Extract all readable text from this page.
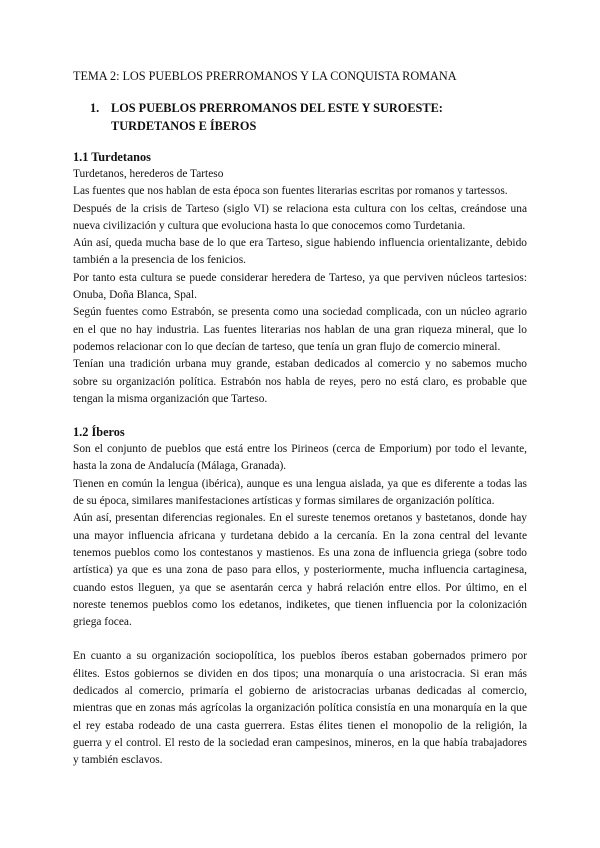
TEMA 2: LOS PUEBLOS PRERROMANOS Y LA CONQUISTA ROMANA
1. LOS PUEBLOS PRERROMANOS DEL ESTE Y SUROESTE: TURDETANOS E ÍBEROS
1.1 Turdetanos

Turdetanos, herederos de Tarteso

Las fuentes que nos hablan de esta época son fuentes literarias escritas por romanos y tartessos.

Después de la crisis de Tarteso (siglo VI) se relaciona esta cultura con los celtas, creándose una nueva civilización y cultura que evoluciona hasta lo que conocemos como Turdetania.

Aún así, queda mucha base de lo que era Tarteso, sigue habiendo influencia orientalizante, debido también a la presencia de los fenicios.

Por tanto esta cultura se puede considerar heredera de Tarteso, ya que perviven núcleos tartesios: Onuba, Doña Blanca, Spal.

Según fuentes como Estrabón, se presenta como una sociedad complicada, con un núcleo agrario en el que no hay industria. Las fuentes literarias nos hablan de una gran riqueza mineral, que lo podemos relacionar con lo que decían de tarteso, que tenía un gran flujo de comercio mineral.

Tenían una tradición urbana muy grande, estaban dedicados al comercio y no sabemos mucho sobre su organización política. Estrabón nos habla de reyes, pero no está claro, es probable que tengan la misma organización que Tarteso.

1.2 Íberos

Son el conjunto de pueblos que está entre los Pirineos (cerca de Emporium) por todo el levante, hasta la zona de Andalucía (Málaga, Granada).

Tienen en común la lengua (ibérica), aunque es una lengua aislada, ya que es diferente a todas las de su época, similares manifestaciones artísticas y formas similares de organización política.

Aún así, presentan diferencias regionales. En el sureste tenemos oretanos y bastetanos, donde hay una mayor influencia africana y turdetana debido a la cercanía. En la zona central del levante tenemos pueblos como los contestanos y mastienos. Es una zona de influencia griega (sobre todo artística) ya que es una zona de paso para ellos, y posteriormente, mucha influencia cartaginesa, cuando estos lleguen, ya que se asentarán cerca y habrá relación entre ellos. Por último, en el noreste tenemos pueblos como los edetanos, indiketes, que tienen influencia por la colonización griega focea.

En cuanto a su organización sociopolítica, los pueblos íberos estaban gobernados primero por élites. Estos gobiernos se dividen en dos tipos; una monarquía o una aristocracia. Si eran más dedicados al comercio, primaría el gobierno de aristocracias urbanas dedicadas al comercio, mientras que en zonas más agrícolas la organización política consistía en una monarquía en la que el rey estaba rodeado de una casta guerrera. Estas élites tienen el monopolio de la religión, la guerra y el control. El resto de la sociedad eran campesinos, mineros, en la que había trabajadores y también esclavos.
